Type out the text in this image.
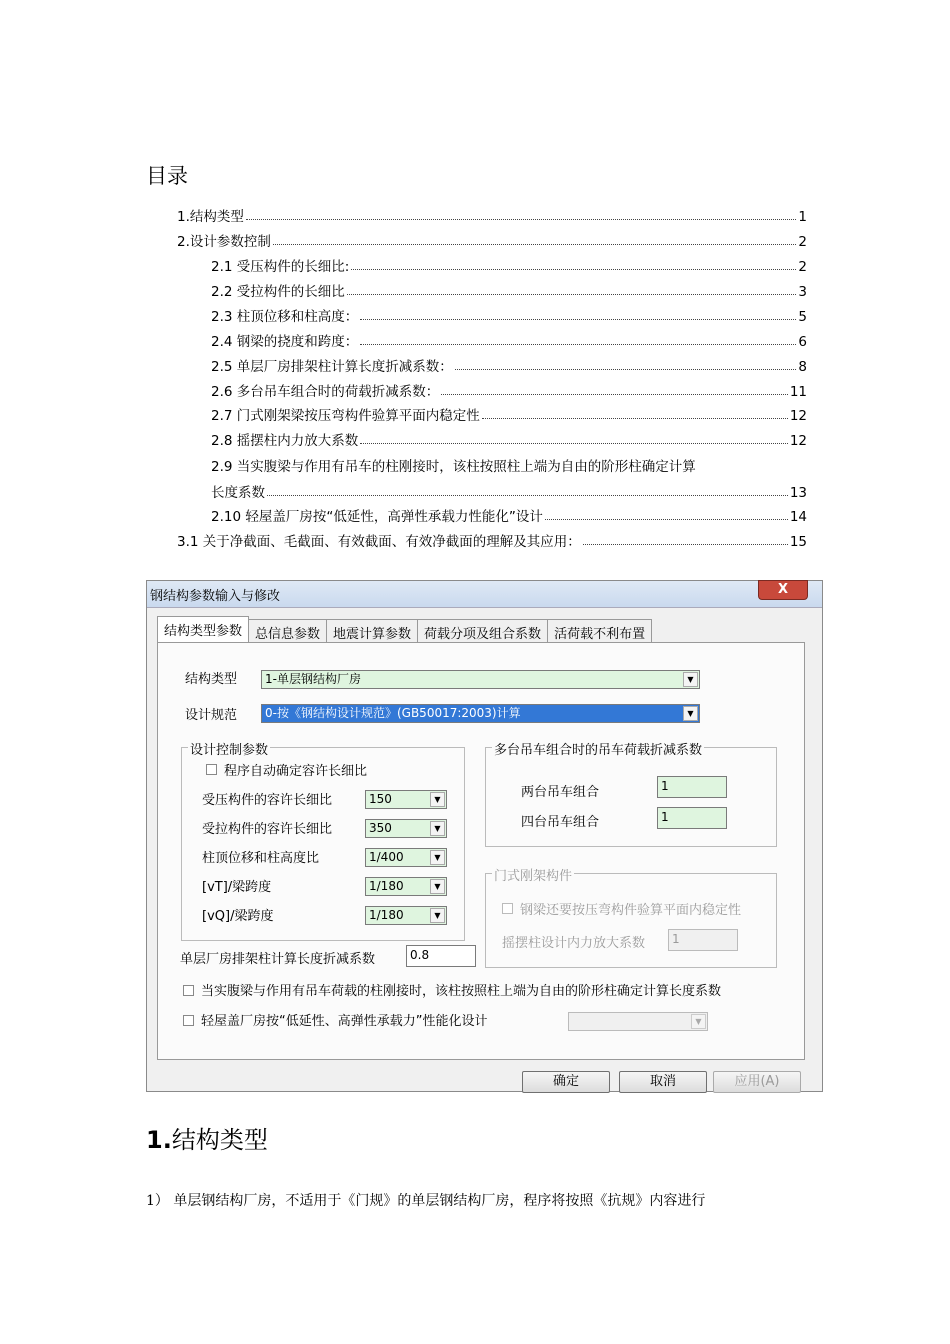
目录
1.结构类型	1
2.设计参数控制	2
2.1 受压构件的长细比:	2
2.2 受拉构件的长细比	3
2.3 柱顶位移和柱高度：	5
2.4 钢梁的挠度和跨度：	6
2.5 单层厂房排架柱计算长度折减系数：	8
2.6 多台吊车组合时的荷载折减系数：	11
2.7 门式刚架梁按压弯构件验算平面内稳定性	12
2.8 摇摆柱内力放大系数	12
2.9 当实腹梁与作用有吊车的柱刚接时，该柱按照柱上端为自由的阶形柱确定计算
长度系数	13
2.10 轻屋盖厂房按“低延性，高弹性承载力性能化”设计	14
3.1 关于净截面、毛截面、有效截面、有效净截面的理解及其应用：	15
钢结构参数输入与修改	X
结构类型参数	总信息参数	地震计算参数	荷载分项及组合系数	活荷载不利布置
结构类型	1-单层钢结构厂房	▼
设计规范	0-按《钢结构设计规范》(GB50017:2003)计算	▼
设计控制参数
程序自动确定容许长细比
受压构件的容许长细比	150	▼
受拉构件的容许长细比	350	▼
柱顶位移和柱高度比	1/400	▼
[vT]/梁跨度	1/180	▼
[vQ]/梁跨度	1/180	▼
多台吊车组合时的吊车荷载折减系数
两台吊车组合	1
四台吊车组合	1
门式刚架构件
钢梁还要按压弯构件验算平面内稳定性
摇摆柱设计内力放大系数	1
单层厂房排架柱计算长度折减系数	0.8
当实腹梁与作用有吊车荷载的柱刚接时，该柱按照柱上端为自由的阶形柱确定计算长度系数
轻屋盖厂房按“低延性、高弹性承载力”性能化设计	▼
确定	取消	应用(A)
1.结构类型
1） 单层钢结构厂房，不适用于《门规》的单层钢结构厂房，程序将按照《抗规》内容进行
